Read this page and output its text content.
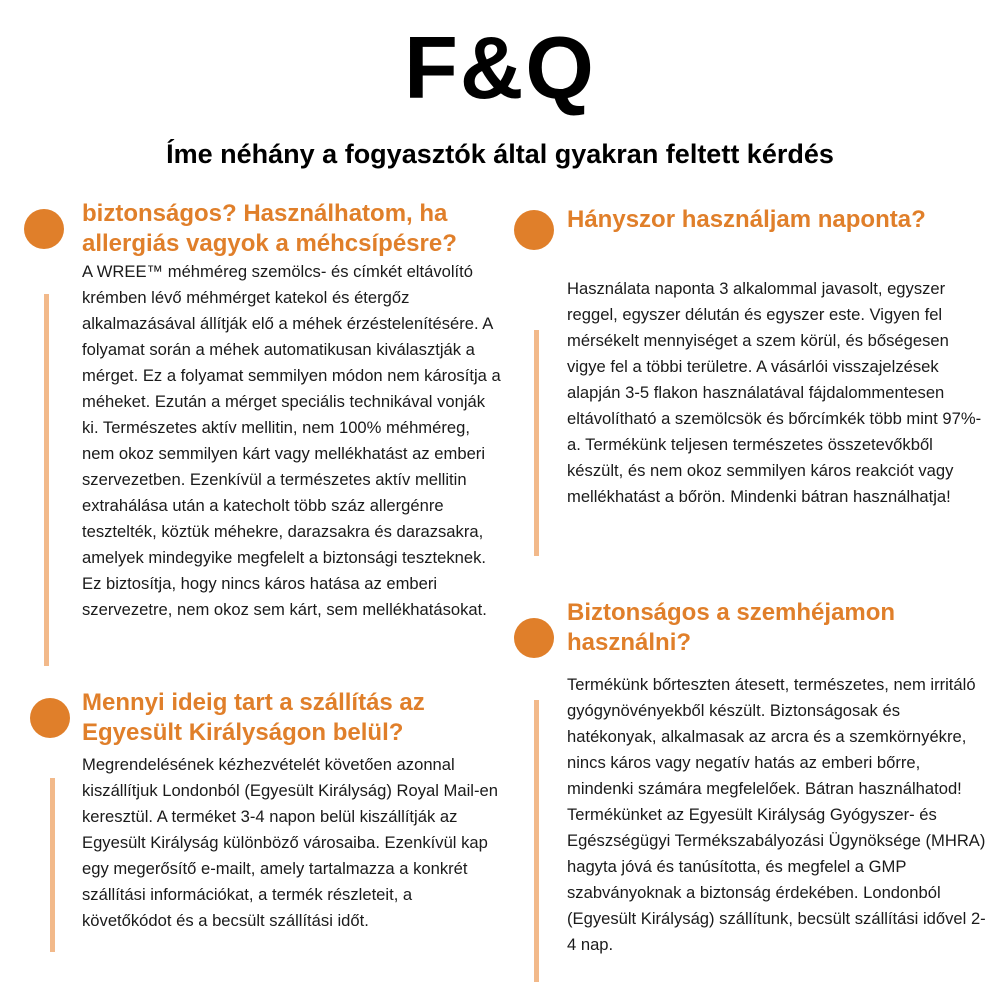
F&Q
Íme néhány a fogyasztók által gyakran feltett kérdés
biztonságos? Használhatom, ha allergiás vagyok a méhcsípésre?
A WREE™ méhméreg szemölcs- és címkét eltávolító krémben lévő méhmérget katekol és étergőz alkalmazásával állítják elő a méhek érzéstelenítésére. A folyamat során a méhek automatikusan kiválasztják a mérget. Ez a folyamat semmilyen módon nem károsítja a méheket. Ezután a mérget speciális technikával vonják ki. Természetes aktív mellitin, nem 100% méhméreg, nem okoz semmilyen kárt vagy mellékhatást az emberi szervezetben. Ezenkívül a természetes aktív mellitin extrahálása után a katecholt több száz allergénre tesztelték, köztük méhekre, darazsakra és darazsakra, amelyek mindegyike megfelelt a biztonsági teszteknek. Ez biztosítja, hogy nincs káros hatása az emberi szervezetre, nem okoz sem kárt, sem mellékhatásokat.
Mennyi ideig tart a szállítás az Egyesült Királyságon belül?
Megrendelésének kézhezvételét követően azonnal kiszállítjuk Londonból (Egyesült Királyság) Royal Mail-en keresztül. A terméket 3-4 napon belül kiszállítják az Egyesült Királyság különböző városaiba. Ezenkívül kap egy megerősítő e-mailt, amely tartalmazza a konkrét szállítási információkat, a termék részleteit, a követőkódot és a becsült szállítási időt.
Hányszor használjam naponta?
Használata naponta 3 alkalommal javasolt, egyszer reggel, egyszer délután és egyszer este. Vigyen fel mérsékelt mennyiséget a szem körül, és bőségesen vigye fel a többi területre. A vásárlói visszajelzések alapján 3-5 flakon használatával fájdalommentesen eltávolítható a szemölcsök és bőrcímkék több mint 97%-a. Termékünk teljesen természetes összetevőkből készült, és nem okoz semmilyen káros reakciót vagy mellékhatást a bőrön. Mindenki bátran használhatja!
Biztonságos a szemhéjamon használni?
Termékünk bőrteszten átesett, természetes, nem irritáló gyógynövényekből készült. Biztonságosak és hatékonyak, alkalmasak az arcra és a szemkörnyékre, nincs káros vagy negatív hatás az emberi bőrre, mindenki számára megfelelőek. Bátran használhatod! Termékünket az Egyesült Királyság Gyógyszer- és Egészségügyi Termékszabályozási Ügynöksége (MHRA) hagyta jóvá és tanúsította, és megfelel a GMP szabványoknak a biztonság érdekében. Londonból (Egyesült Királyság) szállítunk, becsült szállítási idővel 2-4 nap.
